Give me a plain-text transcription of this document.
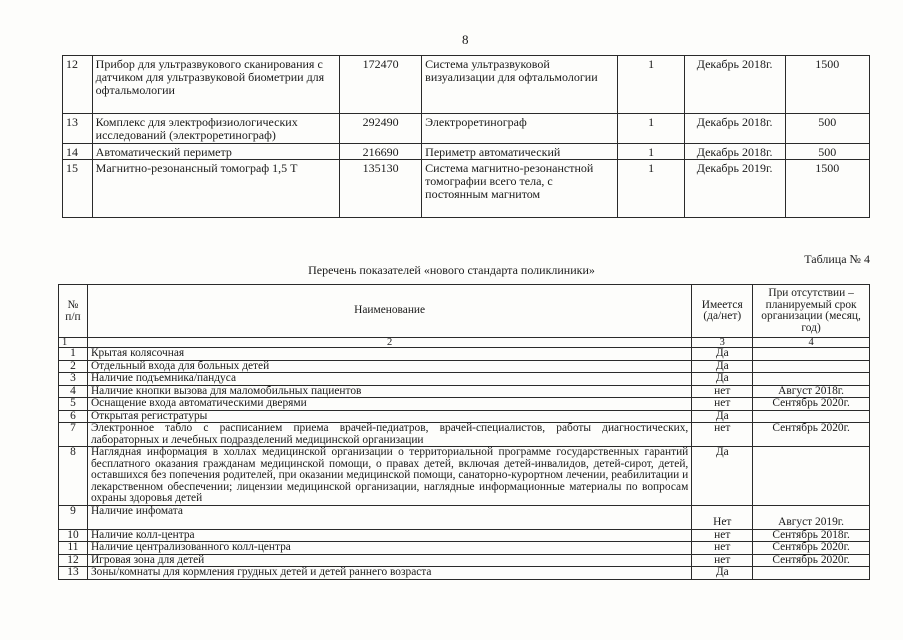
8
12	Прибор для ультразвукового сканирования с датчиком для ультразвуковой биометрии для офтальмологии	172470	Система ультразвуковой визуализации для офтальмологии	1	Декабрь 2018г.	1500
13	Комплекс для электрофизиологических исследований (электроретинограф)	292490	Электроретинограф	1	Декабрь 2018г.	500
14	Автоматический периметр	216690	Периметр автоматический	1	Декабрь 2018г.	500
15	Магнитно-резонансный томограф 1,5 Т	135130	Система магнитно-резонанстной томографии всего тела, с постоянным магнитом	1	Декабрь 2019г.	1500
Таблица № 4
Перечень показателей «нового стандарта поликлиники»
№ п/п	Наименование	Имеется (да/нет)	При отсутствии – планируемый срок организации (месяц, год)
1	2	3	4
1	Крытая колясочная	Да	
2	Отдельный входа для больных детей	Да	
3	Наличие подъемника/пандуса	Да	
4	Наличие кнопки вызова для маломобильных пациентов	нет	Август 2018г.
5	Оснащение входа автоматическими дверями	нет	Сентябрь 2020г.
6	Открытая регистратуры	Да	
7	Электронное табло с расписанием приема врачей-педиатров, врачей-специалистов, работы диагностических, лабораторных и лечебных подразделений медицинской организации	нет	Сентябрь 2020г.
8	Наглядная информация в холлах медицинской организации о территориальной программе государственных гарантий бесплатного оказания гражданам медицинской помощи, о правах детей, включая детей-инвалидов, детей-сирот, детей, оставшихся без попечения родителей, при оказании медицинской помощи, санаторно-курортном лечении, реабилитации и лекарственном обеспечении; лицензии медицинской организации, наглядные информационные материалы по вопросам охраны здоровья детей	Да	
9	Наличие инфомата	Нет	Август 2019г.
10	Наличие колл-центра	нет	Сентябрь 2018г.
11	Наличие централизованного колл-центра	нет	Сентябрь 2020г.
12	Игровая зона для детей	нет	Сентябрь 2020г.
13	Зоны/комнаты для кормления грудных детей и детей раннего возраста	Да	
